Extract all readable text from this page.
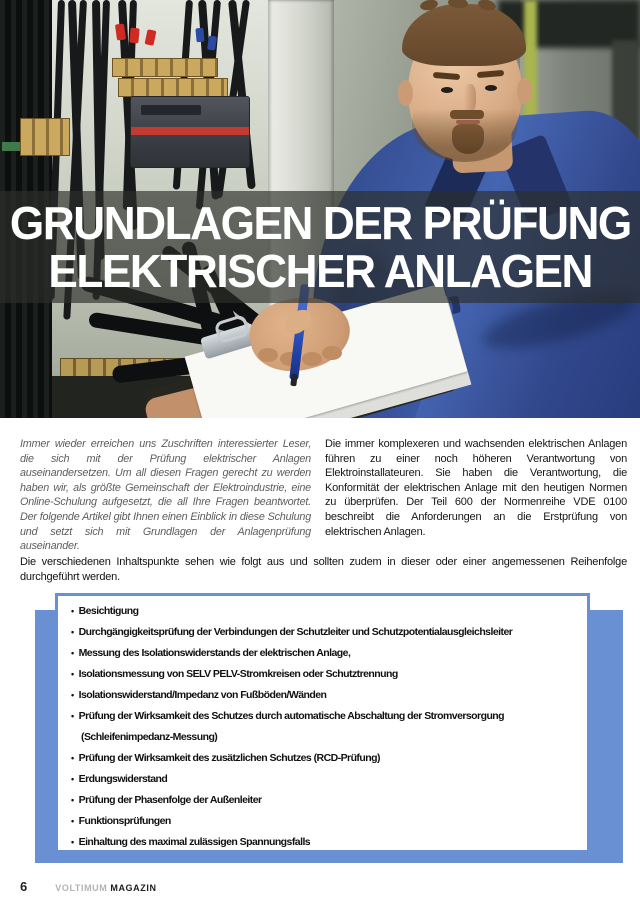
GRUNDLAGEN DER PRÜFUNG
ELEKTRISCHER ANLAGEN
Immer wieder erreichen uns Zuschriften interessierter Leser, die sich mit der Prüfung elektrischer Anlagen auseinandersetzen. Um all diesen Fragen gerecht zu werden haben wir, als größte Gemeinschaft der Elektroindustrie, eine Online-Schulung aufgesetzt, die all Ihre Fragen beantwortet. Der folgende Artikel gibt Ihnen einen Einblick in diese Schulung und setzt sich mit Grundlagen der Anlagenprüfung auseinander.
Die immer komplexeren und wachsenden elektrischen Anlagen führen zu einer noch höheren Verantwortung von Elektroinstallateuren. Sie haben die Verantwortung, die Konformität der elektrischen Anlage mit den heutigen Normen zu überprüfen. Der Teil 600 der Normenreihe VDE 0100 beschreibt die Anforderungen an die Erstprüfung von elektrischen Anlagen.
Die verschiedenen Inhaltspunkte sehen wie folgt aus und sollten zudem in dieser oder einer angemessenen Reihenfolge durchgeführt werden.
• Besichtigung
• Durchgängigkeitsprüfung der Verbindungen der Schutzleiter und Schutzpotentialausgleichsleiter
• Messung des Isolationswiderstands der elektrischen Anlage,
• Isolationsmessung von SELV PELV-Stromkreisen oder Schutztrennung
• Isolationswiderstand/Impedanz von Fußböden/Wänden
• Prüfung der Wirksamkeit des Schutzes durch automatische Abschaltung der Stromversorgung (Schleifenimpedanz-Messung)
• Prüfung der Wirksamkeit des zusätzlichen Schutzes (RCD-Prüfung)
• Erdungswiderstand
• Prüfung der Phasenfolge der Außenleiter
• Funktionsprüfungen
• Einhaltung des maximal zulässigen Spannungsfalls
6	VOLTIMUM MAGAZIN
